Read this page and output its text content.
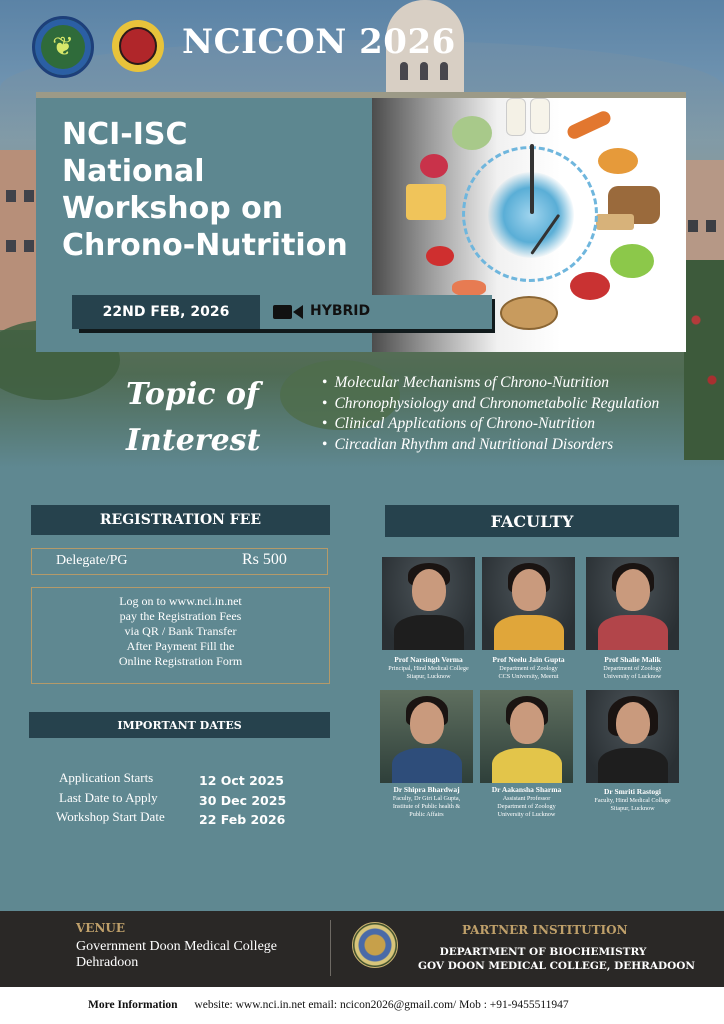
❦	NCICON 2026
NCI-ISC
National
Workshop on
Chrono-Nutrition
22ND FEB, 2026	HYBRID
Topic of
Interest
• Molecular Mechanisms of Chrono-Nutrition
• Chronophysiology and Chronometabolic Regulation
• Clinical Applications of Chrono-Nutrition
• Circadian Rhythm and Nutritional Disorders
REGISTRATION FEE
Delegate/PG	Rs 500
Log on to www.nci.in.net
pay the Registration Fees
via QR / Bank Transfer
After Payment Fill the
Online Registration Form
IMPORTANT DATES
Application Starts	12 Oct 2025
Last Date to Apply	30 Dec 2025
Workshop Start Date	22 Feb 2026
FACULTY
Prof Narsingh Verma
Principal, Hind Medical College
Sitapur, Lucknow
Prof Neelu Jain Gupta
Department of Zoology
CCS University, Meerut
Prof Shalie Malik
Department of Zoology
University of Lucknow
Dr Shipra Bhardwaj
Faculty, Dr Giri Lal Gupta,
Institute of Public health &
Public Affairs
Dr Aakansha Sharma
Assistant Professor
Department of Zoology
University of Lucknow
Dr Smriti Rastogi
Faculty, Hind Medical College
Sitapur, Lucknow
VENUE
Government Doon Medical College
Dehradoon
PARTNER INSTITUTION
DEPARTMENT OF BIOCHEMISTRY
GOV DOON MEDICAL COLLEGE, DEHRADOON
More Information website: www.nci.in.net email: ncicon2026@gmail.com/ Mob : +91-9455511947
